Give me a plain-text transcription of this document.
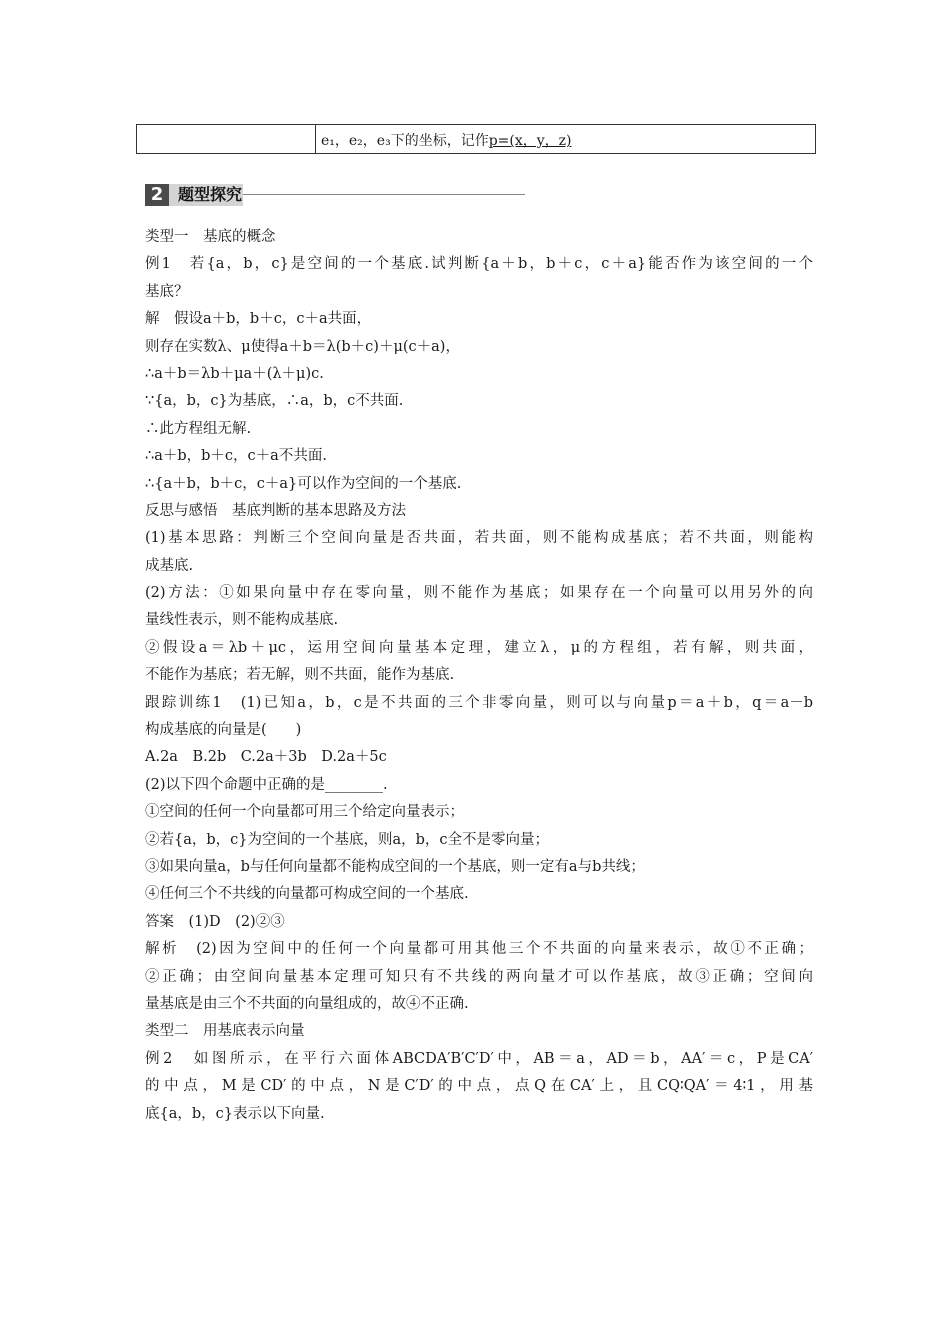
e₁，e₂，e₃下的坐标，记作p=(x，y，z)
2 题型探究
类型一　基底的概念
例1　若{a，b，c}是空间的一个基底.试判断{a＋b，b＋c，c＋a}能否作为该空间的一个
基底？
解　假设a＋b，b＋c，c＋a共面，
则存在实数λ、μ使得a＋b＝λ(b＋c)＋μ(c＋a)，
∴a＋b＝λb＋μa＋(λ＋μ)c.
∵{a，b，c}为基底，∴a，b，c不共面.
∴此方程组无解.
∴a＋b，b＋c，c＋a不共面.
∴{a＋b，b＋c，c＋a}可以作为空间的一个基底.
反思与感悟　基底判断的基本思路及方法
(1)基本思路：判断三个空间向量是否共面，若共面，则不能构成基底；若不共面，则能构
成基底.
(2)方法：①如果向量中存在零向量，则不能作为基底；如果存在一个向量可以用另外的向
量线性表示，则不能构成基底.
②假设a＝λb＋μc，运用空间向量基本定理，建立λ，μ的方程组，若有解，则共面，
不能作为基底；若无解，则不共面，能作为基底.
跟踪训练1　(1)已知a，b，c是不共面的三个非零向量，则可以与向量p＝a＋b，q＝a－b
构成基底的向量是(　　)
A.2a　B.2b　C.2a＋3b　D.2a＋5c
(2)以下四个命题中正确的是________.
①空间的任何一个向量都可用三个给定向量表示；
②若{a，b，c}为空间的一个基底，则a，b，c全不是零向量；
③如果向量a，b与任何向量都不能构成空间的一个基底，则一定有a与b共线；
④任何三个不共线的向量都可构成空间的一个基底.
答案　(1)D　(2)②③
解析　(2)因为空间中的任何一个向量都可用其他三个不共面的向量来表示，故①不正确；
②正确；由空间向量基本定理可知只有不共线的两向量才可以作基底，故③正确；空间向
量基底是由三个不共面的向量组成的，故④不正确.
类型二　用基底表示向量
例2　如图所示，在平行六面体ABCDA′B′C′D′中，AB＝a，AD＝b，AA′＝c，P是CA′
的中点，M是CD′的中点，N是C′D′的中点，点Q在CA′上，且CQ∶QA′＝4∶1，用基
底{a，b，c}表示以下向量.
